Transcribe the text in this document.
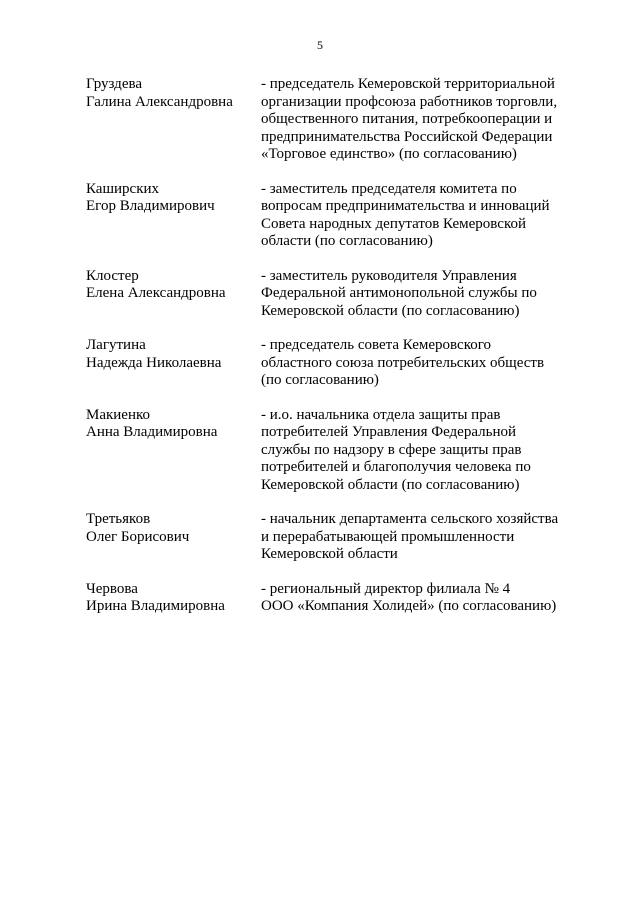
5
Груздева
Галина Александровна
- председатель Кемеровской территориальной
организации профсоюза работников торговли,
общественного питания, потребкооперации и
предпринимательства Российской Федерации
«Торговое единство» (по согласованию)
Каширских
Егор Владимирович
- заместитель председателя комитета по
вопросам предпринимательства и инноваций
Совета народных депутатов Кемеровской
области (по согласованию)
Клостер
Елена Александровна
- заместитель руководителя Управления
Федеральной антимонопольной службы по
Кемеровской области (по согласованию)
Лагутина
Надежда Николаевна
- председатель совета Кемеровского
областного союза потребительских обществ
(по согласованию)
Макиенко
Анна Владимировна
- и.о. начальника отдела защиты прав
потребителей Управления Федеральной
службы по надзору в сфере защиты прав
потребителей и благополучия человека по
Кемеровской области (по согласованию)
Третьяков
Олег Борисович
- начальник департамента сельского хозяйства
и перерабатывающей промышленности
Кемеровской области
Червова
Ирина Владимировна
- региональный директор филиала № 4
ООО «Компания Холидей» (по согласованию)
